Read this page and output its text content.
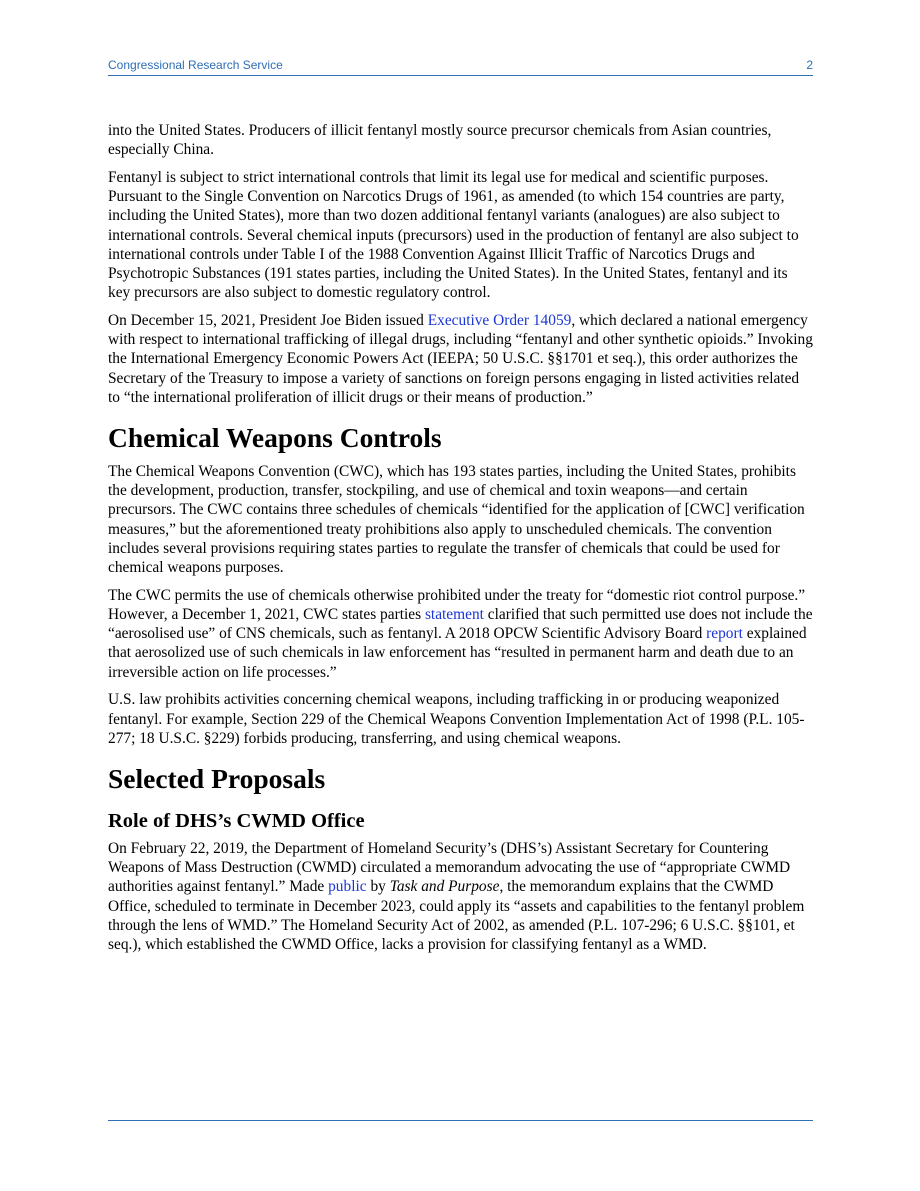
Congressional Research Service	2

into the United States. Producers of illicit fentanyl mostly source precursor chemicals from Asian countries, especially China.

Fentanyl is subject to strict international controls that limit its legal use for medical and scientific purposes. Pursuant to the Single Convention on Narcotics Drugs of 1961, as amended (to which 154 countries are party, including the United States), more than two dozen additional fentanyl variants (analogues) are also subject to international controls. Several chemical inputs (precursors) used in the production of fentanyl are also subject to international controls under Table I of the 1988 Convention Against Illicit Traffic of Narcotics Drugs and Psychotropic Substances (191 states parties, including the United States). In the United States, fentanyl and its key precursors are also subject to domestic regulatory control.

On December 15, 2021, President Joe Biden issued Executive Order 14059, which declared a national emergency with respect to international trafficking of illegal drugs, including “fentanyl and other synthetic opioids.” Invoking the International Emergency Economic Powers Act (IEEPA; 50 U.S.C. §§1701 et seq.), this order authorizes the Secretary of the Treasury to impose a variety of sanctions on foreign persons engaging in listed activities related to “the international proliferation of illicit drugs or their means of production.”

Chemical Weapons Controls

The Chemical Weapons Convention (CWC), which has 193 states parties, including the United States, prohibits the development, production, transfer, stockpiling, and use of chemical and toxin weapons—and certain precursors. The CWC contains three schedules of chemicals “identified for the application of [CWC] verification measures,” but the aforementioned treaty prohibitions also apply to unscheduled chemicals. The convention includes several provisions requiring states parties to regulate the transfer of chemicals that could be used for chemical weapons purposes.

The CWC permits the use of chemicals otherwise prohibited under the treaty for “domestic riot control purpose.” However, a December 1, 2021, CWC states parties statement clarified that such permitted use does not include the “aerosolised use” of CNS chemicals, such as fentanyl. A 2018 OPCW Scientific Advisory Board report explained that aerosolized use of such chemicals in law enforcement has “resulted in permanent harm and death due to an irreversible action on life processes.”

U.S. law prohibits activities concerning chemical weapons, including trafficking in or producing weaponized fentanyl. For example, Section 229 of the Chemical Weapons Convention Implementation Act of 1998 (P.L. 105-277; 18 U.S.C. §229) forbids producing, transferring, and using chemical weapons.

Selected Proposals
Role of DHS’s CWMD Office

On February 22, 2019, the Department of Homeland Security’s (DHS’s) Assistant Secretary for Countering Weapons of Mass Destruction (CWMD) circulated a memorandum advocating the use of “appropriate CWMD authorities against fentanyl.” Made public by Task and Purpose, the memorandum explains that the CWMD Office, scheduled to terminate in December 2023, could apply its “assets and capabilities to the fentanyl problem through the lens of WMD.” The Homeland Security Act of 2002, as amended (P.L. 107-296; 6 U.S.C. §§101, et seq.), which established the CWMD Office, lacks a provision for classifying fentanyl as a WMD.
